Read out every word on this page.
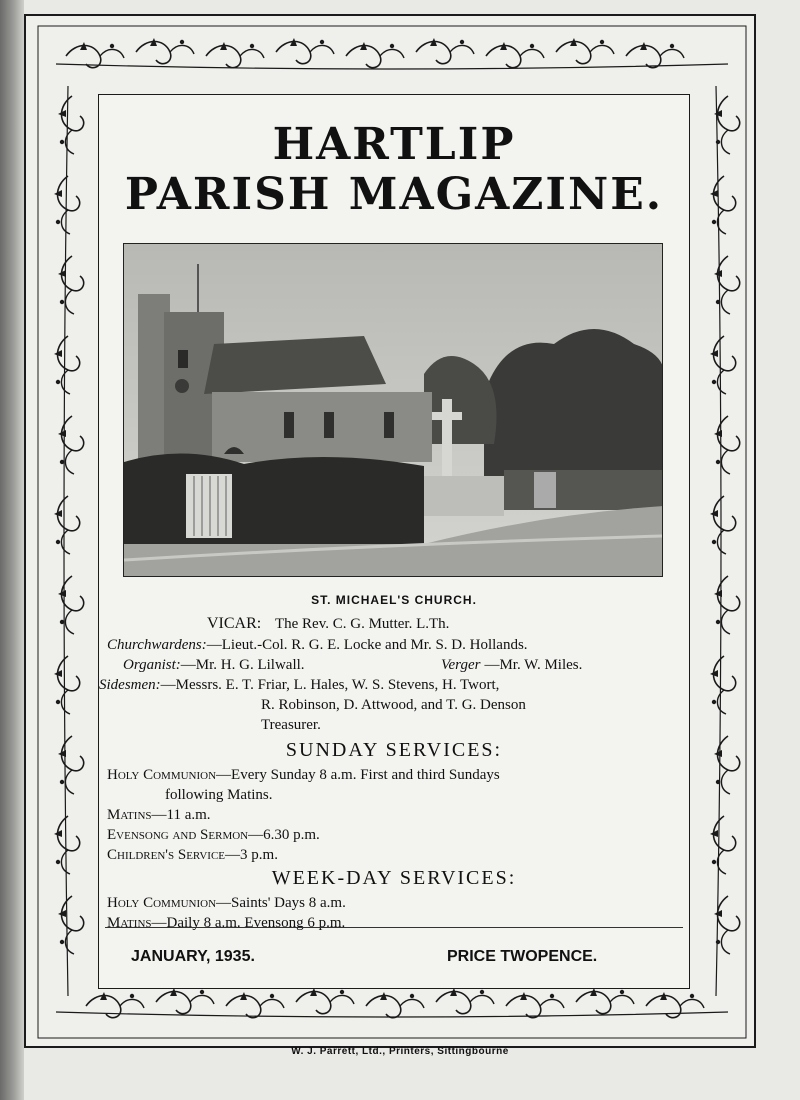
HARTLIP
PARISH MAGAZINE.
ST. MICHAEL'S CHURCH.
VICAR: The Rev. C. G. Mutter. L.Th.
Churchwardens:—Lieut.-Col. R. G. E. Locke and Mr. S. D. Hollands.
Organist:—Mr. H. G. Lilwall.	Verger —Mr. W. Miles.
Sidesmen:—Messrs. E. T. Friar, L. Hales, W. S. Stevens, H. Twort,
R. Robinson, D. Attwood, and T. G. Denson
Treasurer.
SUNDAY SERVICES:
Holy Communion—Every Sunday 8 a.m. First and third Sundays
following Matins.
Matins—11 a.m.
Evensong and Sermon—6.30 p.m.
Children's Service—3 p.m.
WEEK-DAY SERVICES:
Holy Communion—Saints' Days 8 a.m.
Matins—Daily 8 a.m. Evensong 6 p.m.
JANUARY, 1935.	PRICE TWOPENCE.
W. J. Parrett, Ltd., Printers, Sittingbourne
